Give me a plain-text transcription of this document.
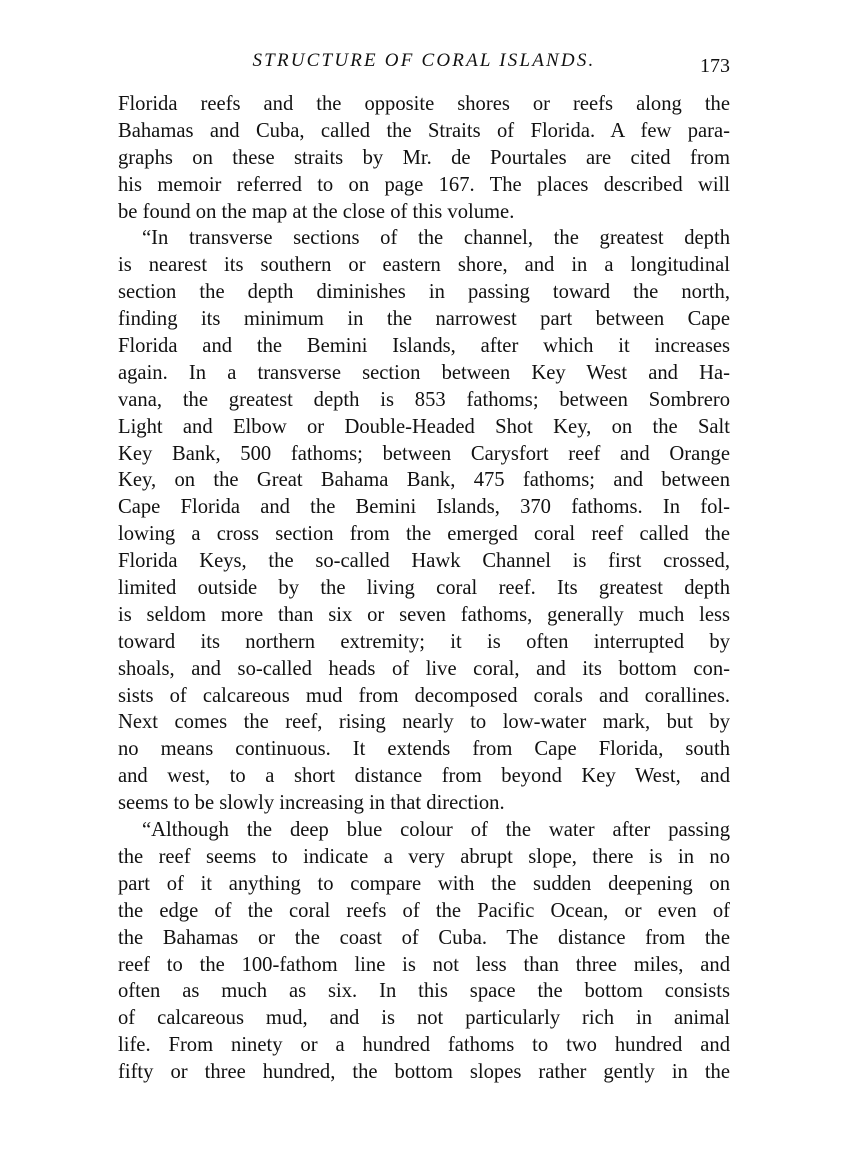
STRUCTURE OF CORAL ISLANDS.	173
Florida reefs and the opposite shores or reefs along the
Bahamas and Cuba, called the Straits of Florida. A few para-
graphs on these straits by Mr. de Pourtales are cited from
his memoir referred to on page 167. The places described will
be found on the map at the close of this volume.
“In transverse sections of the channel, the greatest depth
is nearest its southern or eastern shore, and in a longitudinal
section the depth diminishes in passing toward the north,
finding its minimum in the narrowest part between Cape
Florida and the Bemini Islands, after which it increases
again. In a transverse section between Key West and Ha-
vana, the greatest depth is 853 fathoms; between Sombrero
Light and Elbow or Double-Headed Shot Key, on the Salt
Key Bank, 500 fathoms; between Carysfort reef and Orange
Key, on the Great Bahama Bank, 475 fathoms; and between
Cape Florida and the Bemini Islands, 370 fathoms. In fol-
lowing a cross section from the emerged coral reef called the
Florida Keys, the so-called Hawk Channel is first crossed,
limited outside by the living coral reef. Its greatest depth
is seldom more than six or seven fathoms, generally much less
toward its northern extremity; it is often interrupted by
shoals, and so-called heads of live coral, and its bottom con-
sists of calcareous mud from decomposed corals and corallines.
Next comes the reef, rising nearly to low-water mark, but by
no means continuous. It extends from Cape Florida, south
and west, to a short distance from beyond Key West, and
seems to be slowly increasing in that direction.
“Although the deep blue colour of the water after passing
the reef seems to indicate a very abrupt slope, there is in no
part of it anything to compare with the sudden deepening on
the edge of the coral reefs of the Pacific Ocean, or even of
the Bahamas or the coast of Cuba. The distance from the
reef to the 100-fathom line is not less than three miles, and
often as much as six. In this space the bottom consists
of calcareous mud, and is not particularly rich in animal
life. From ninety or a hundred fathoms to two hundred and
fifty or three hundred, the bottom slopes rather gently in the
